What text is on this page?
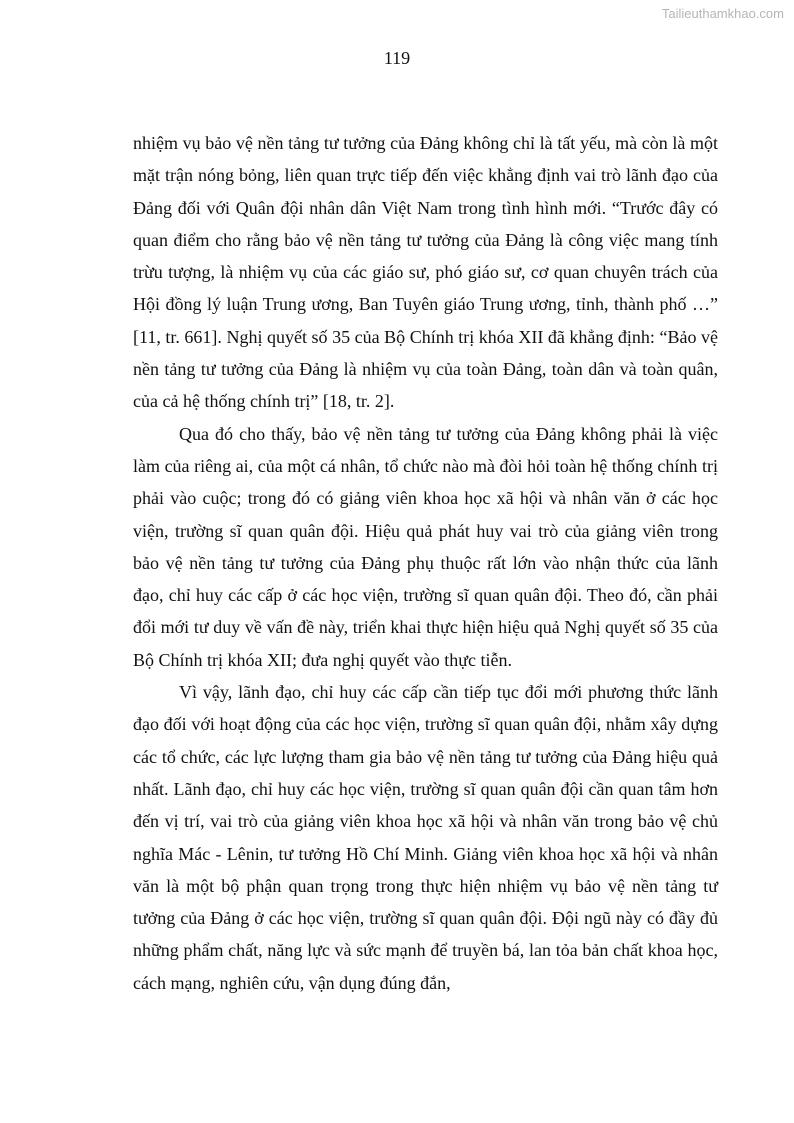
Tailieuthamkhao.com
119

nhiệm vụ bảo vệ nền tảng tư tưởng của Đảng không chỉ là tất yếu, mà còn là một mặt trận nóng bỏng, liên quan trực tiếp đến việc khẳng định vai trò lãnh đạo của Đảng đối với Quân đội nhân dân Việt Nam trong tình hình mới. “Trước đây có quan điểm cho rằng bảo vệ nền tảng tư tưởng của Đảng là công việc mang tính trừu tượng, là nhiệm vụ của các giáo sư, phó giáo sư, cơ quan chuyên trách của Hội đồng lý luận Trung ương, Ban Tuyên giáo Trung ương, tỉnh, thành phố …” [11, tr. 661]. Nghị quyết số 35 của Bộ Chính trị khóa XII đã khẳng định: “Bảo vệ nền tảng tư tưởng của Đảng là nhiệm vụ của toàn Đảng, toàn dân và toàn quân, của cả hệ thống chính trị” [18, tr. 2].

Qua đó cho thấy, bảo vệ nền tảng tư tưởng của Đảng không phải là việc làm của riêng ai, của một cá nhân, tổ chức nào mà đòi hỏi toàn hệ thống chính trị phải vào cuộc; trong đó có giảng viên khoa học xã hội và nhân văn ở các học viện, trường sĩ quan quân đội. Hiệu quả phát huy vai trò của giảng viên trong bảo vệ nền tảng tư tưởng của Đảng phụ thuộc rất lớn vào nhận thức của lãnh đạo, chỉ huy các cấp ở các học viện, trường sĩ quan quân đội. Theo đó, cần phải đổi mới tư duy về vấn đề này, triển khai thực hiện hiệu quả Nghị quyết số 35 của Bộ Chính trị khóa XII; đưa nghị quyết vào thực tiễn.

Vì vậy, lãnh đạo, chỉ huy các cấp cần tiếp tục đổi mới phương thức lãnh đạo đối với hoạt động của các học viện, trường sĩ quan quân đội, nhằm xây dựng các tổ chức, các lực lượng tham gia bảo vệ nền tảng tư tưởng của Đảng hiệu quả nhất. Lãnh đạo, chỉ huy các học viện, trường sĩ quan quân đội cần quan tâm hơn đến vị trí, vai trò của giảng viên khoa học xã hội và nhân văn trong bảo vệ chủ nghĩa Mác - Lênin, tư tưởng Hồ Chí Minh. Giảng viên khoa học xã hội và nhân văn là một bộ phận quan trọng trong thực hiện nhiệm vụ bảo vệ nền tảng tư tưởng của Đảng ở các học viện, trường sĩ quan quân đội. Đội ngũ này có đầy đủ những phẩm chất, năng lực và sức mạnh để truyền bá, lan tỏa bản chất khoa học, cách mạng, nghiên cứu, vận dụng đúng đắn,
